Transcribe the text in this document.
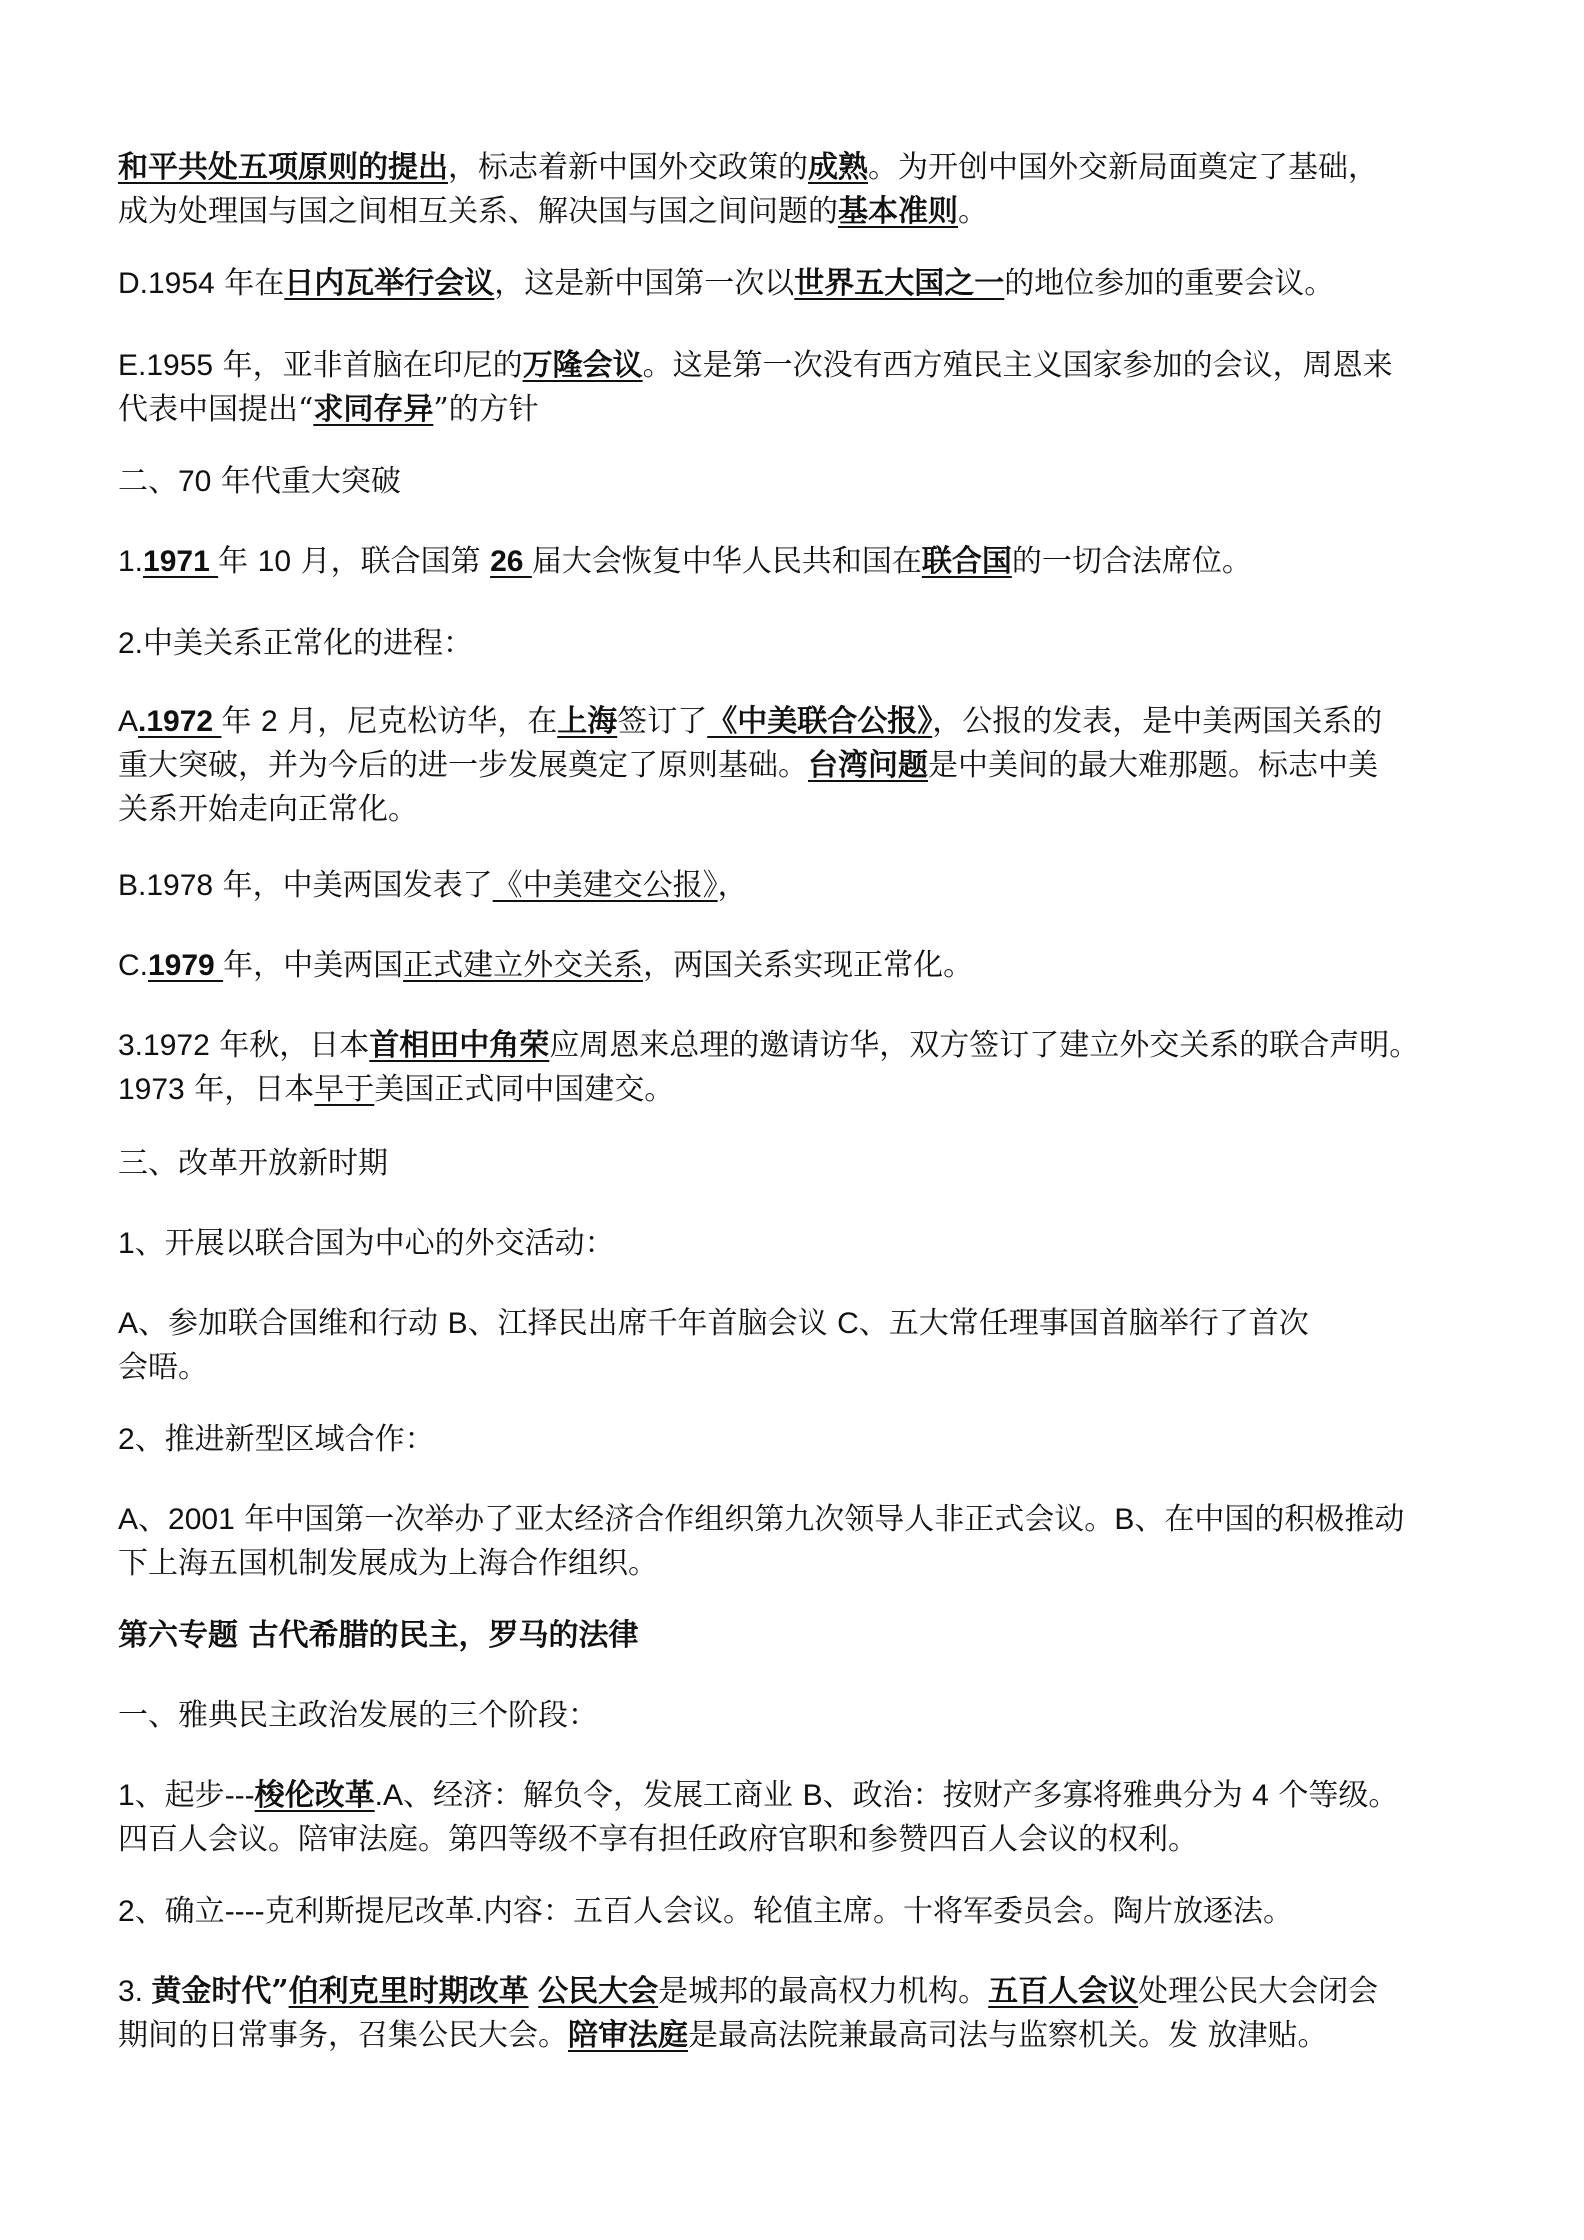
和平共处五项原则的提出，标志着新中国外交政策的成熟。为开创中国外交新局面奠定了基础，
成为处理国与国之间相互关系、解决国与国之间问题的基本准则。
D.1954 年在日内瓦举行会议，这是新中国第一次以世界五大国之一的地位参加的重要会议。
E.1955 年，亚非首脑在印尼的万隆会议。这是第一次没有西方殖民主义国家参加的会议，周恩来
代表中国提出“求同存异”的方针
二、70 年代重大突破
1.1971 年 10 月，联合国第 26 届大会恢复中华人民共和国在联合国的一切合法席位。
2.中美关系正常化的进程：
A.1972 年 2 月，尼克松访华，在上海签订了《中美联合公报》，公报的发表，是中美两国关系的
重大突破，并为今后的进一步发展奠定了原则基础。台湾问题是中美间的最大难那题。标志中美
关系开始走向正常化。
B.1978 年，中美两国发表了《中美建交公报》，
C.1979 年，中美两国正式建立外交关系，两国关系实现正常化。
3.1972 年秋，日本首相田中角荣应周恩来总理的邀请访华，双方签订了建立外交关系的联合声明。
1973 年，日本早于美国正式同中国建交。
三、改革开放新时期
1、开展以联合国为中心的外交活动：
A、参加联合国维和行动 B、江择民出席千年首脑会议 C、五大常任理事国首脑举行了首次
会晤。
2、推进新型区域合作：
A、2001 年中国第一次举办了亚太经济合作组织第九次领导人非正式会议。B、在中国的积极推动
下上海五国机制发展成为上海合作组织。
第六专题 古代希腊的民主，罗马的法律
一、雅典民主政治发展的三个阶段：
1、起步---梭伦改革.A、经济：解负令，发展工商业 B、政治：按财产多寡将雅典分为 4 个等级。
四百人会议。陪审法庭。第四等级不享有担任政府官职和参赞四百人会议的权利。
2、确立----克利斯提尼改革.内容：五百人会议。轮值主席。十将军委员会。陶片放逐法。
3. 黄金时代”伯利克里时期改革 公民大会是城邦的最高权力机构。五百人会议处理公民大会闭会
期间的日常事务，召集公民大会。陪审法庭是最高法院兼最高司法与监察机关。发 放津贴。
